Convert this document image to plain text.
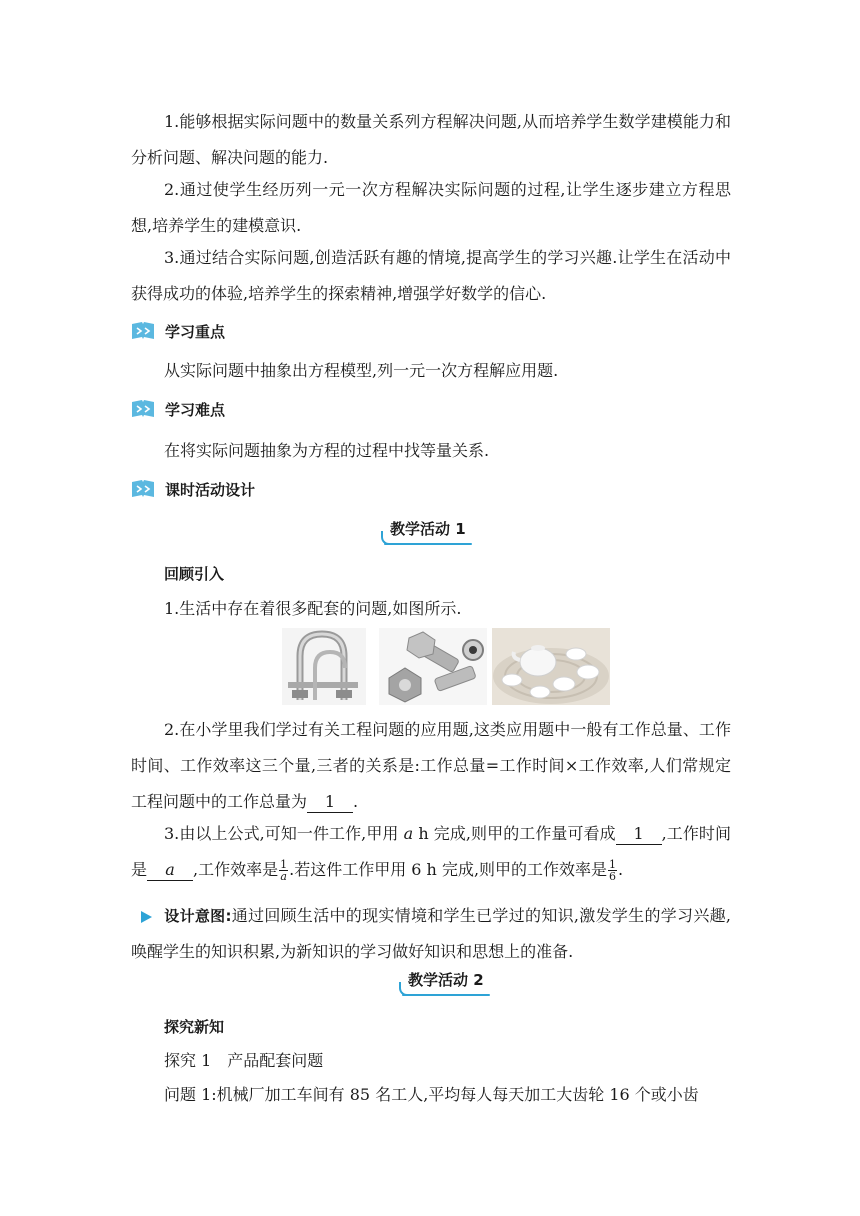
1.能够根据实际问题中的数量关系列方程解决问题,从而培养学生数学建模能力和分析问题、解决问题的能力.
2.通过使学生经历列一元一次方程解决实际问题的过程,让学生逐步建立方程思想,培养学生的建模意识.
3.通过结合实际问题,创造活跃有趣的情境,提高学生的学习兴趣.让学生在活动中获得成功的体验,培养学生的探索精神,增强学好数学的信心.
学习重点
从实际问题中抽象出方程模型,列一元一次方程解应用题.
学习难点
在将实际问题抽象为方程的过程中找等量关系.
课时活动设计
教学活动 1
回顾引入
1.生活中存在着很多配套的问题,如图所示.
2.在小学里我们学过有关工程问题的应用题,这类应用题中一般有工作总量、工作时间、工作效率这三个量,三者的关系是:工作总量=工作时间×工作效率,人们常规定工程问题中的工作总量为 1 .
3.由以上公式,可知一件工作,甲用 a h 完成,则甲的工作量可看成 1 ,工作时间是 a ,工作效率是 $\frac{1}{a}$ .若这件工作甲用 6 h 完成,则甲的工作效率是 $\frac{1}{6}$ .
设计意图:通过回顾生活中的现实情境和学生已学过的知识,激发学生的学习兴趣,唤醒学生的知识积累,为新知识的学习做好知识和思想上的准备.
教学活动 2
探究新知
探究 1　产品配套问题
问题 1:机械厂加工车间有 85 名工人,平均每人每天加工大齿轮 16 个或小齿
